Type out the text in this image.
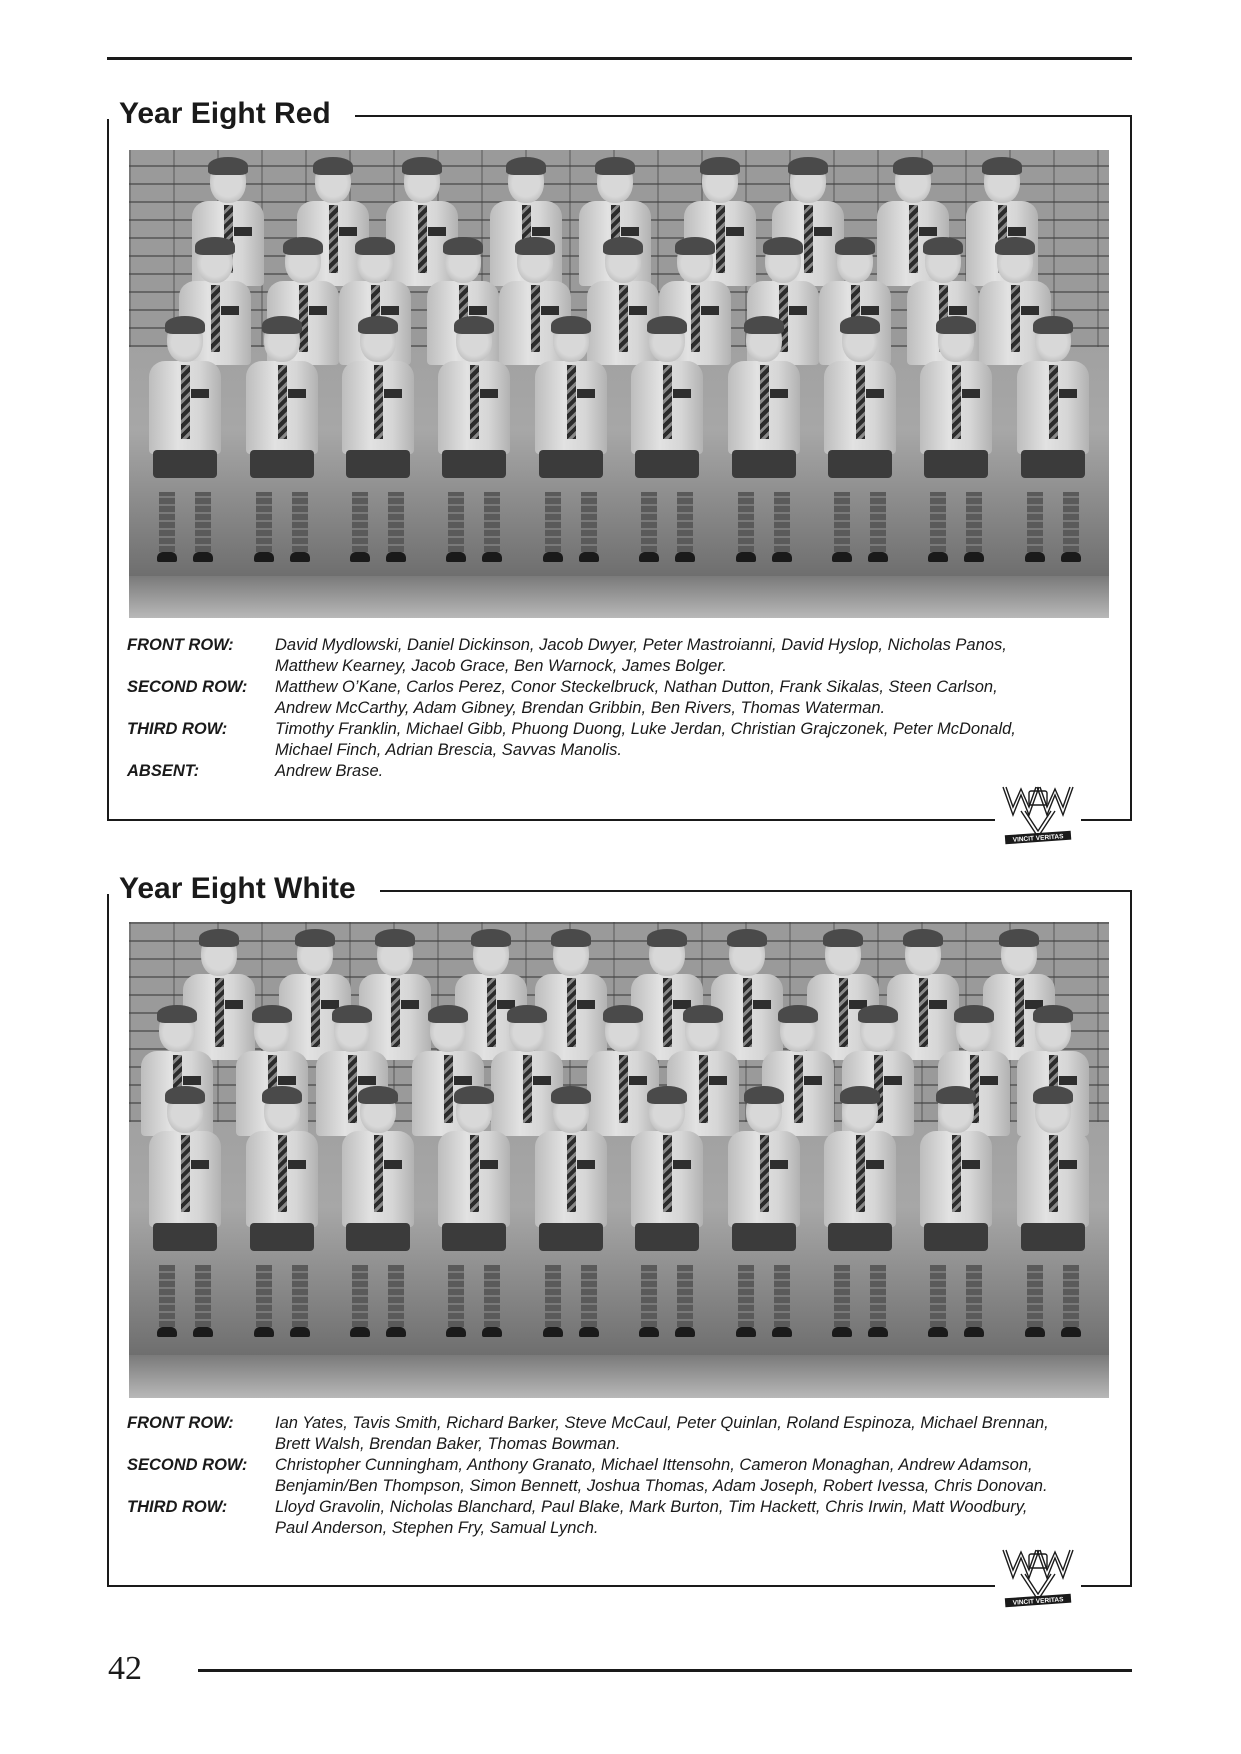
Year Eight Red
FRONT ROW:	David Mydlowski, Daniel Dickinson, Jacob Dwyer, Peter Mastroianni, David Hyslop, Nicholas Panos, Matthew Kearney, Jacob Grace, Ben Warnock, James Bolger.
SECOND ROW:	Matthew O’Kane, Carlos Perez, Conor Steckelbruck, Nathan Dutton, Frank Sikalas, Steen Carlson, Andrew McCarthy, Adam Gibney, Brendan Gribbin, Ben Rivers, Thomas Waterman.
THIRD ROW:	Timothy Franklin, Michael Gibb, Phuong Duong, Luke Jerdan, Christian Grajczonek, Peter McDonald, Michael Finch, Adrian Brescia, Savvas Manolis.
ABSENT:	Andrew Brase.
VINCIT VERITAS
Year Eight White
FRONT ROW:	Ian Yates, Tavis Smith, Richard Barker, Steve McCaul, Peter Quinlan, Roland Espinoza, Michael Brennan, Brett Walsh, Brendan Baker, Thomas Bowman.
SECOND ROW:	Christopher Cunningham, Anthony Granato, Michael Ittensohn, Cameron Monaghan, Andrew Adamson, Benjamin/Ben Thompson, Simon Bennett, Joshua Thomas, Adam Joseph, Robert Ivessa, Chris Donovan.
THIRD ROW:	Lloyd Gravolin, Nicholas Blanchard, Paul Blake, Mark Burton, Tim Hackett, Chris Irwin, Matt Woodbury, Paul Anderson, Stephen Fry, Samual Lynch.
VINCIT VERITAS
42
